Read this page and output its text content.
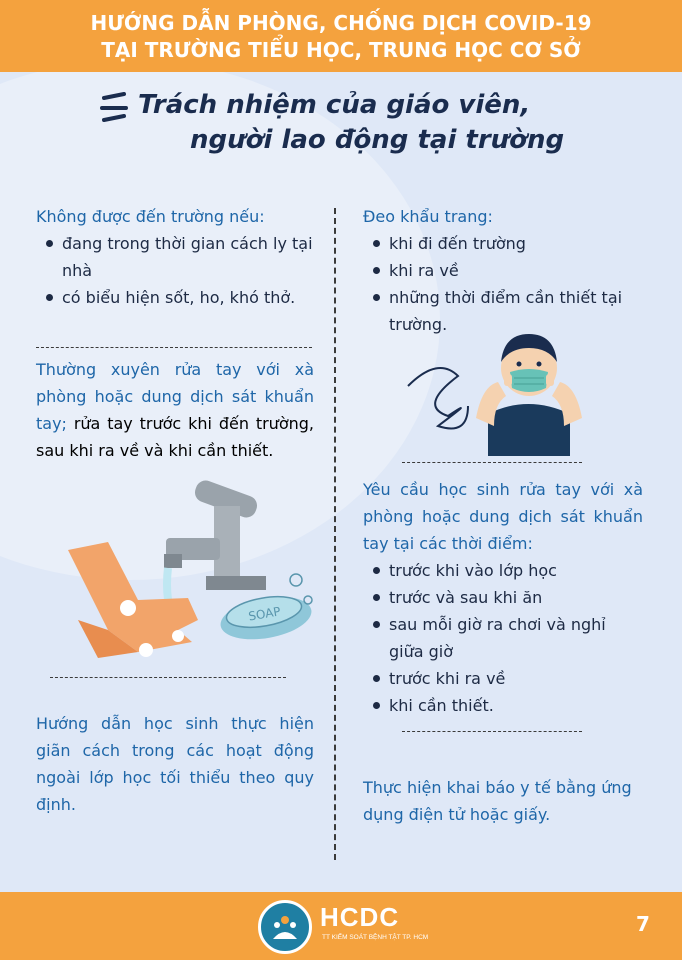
HƯỚNG DẪN PHÒNG, CHỐNG DỊCH COVID-19
TẠI TRƯỜNG TIỂU HỌC, TRUNG HỌC CƠ SỞ
Trách nhiệm của giáo viên,
người lao động tại trường

Không được đến trường nếu:

đang trong thời gian cách ly tại nhà
có biểu hiện sốt, ho, khó thở.

Thường xuyên rửa tay với xà phòng hoặc dung dịch sát khuẩn tay; rửa tay trước khi đến trường, sau khi ra về và khi cần thiết.

SOAP

Hướng dẫn học sinh thực hiện giãn cách trong các hoạt động ngoài lớp học tối thiểu theo quy định.

Đeo khẩu trang:

khi đi đến trường
khi ra về
những thời điểm cần thiết tại trường.

Yêu cầu học sinh rửa tay với xà phòng hoặc dung dịch sát khuẩn tay tại các thời điểm:

trước khi vào lớp học
trước và sau khi ăn
sau mỗi giờ ra chơi và nghỉ giữa giờ
trước khi ra về
khi cần thiết.

Thực hiện khai báo y tế bằng ứng dụng điện tử hoặc giấy.

HCDC
TT KIỂM SOÁT BỆNH TẬT TP. HCM
7
